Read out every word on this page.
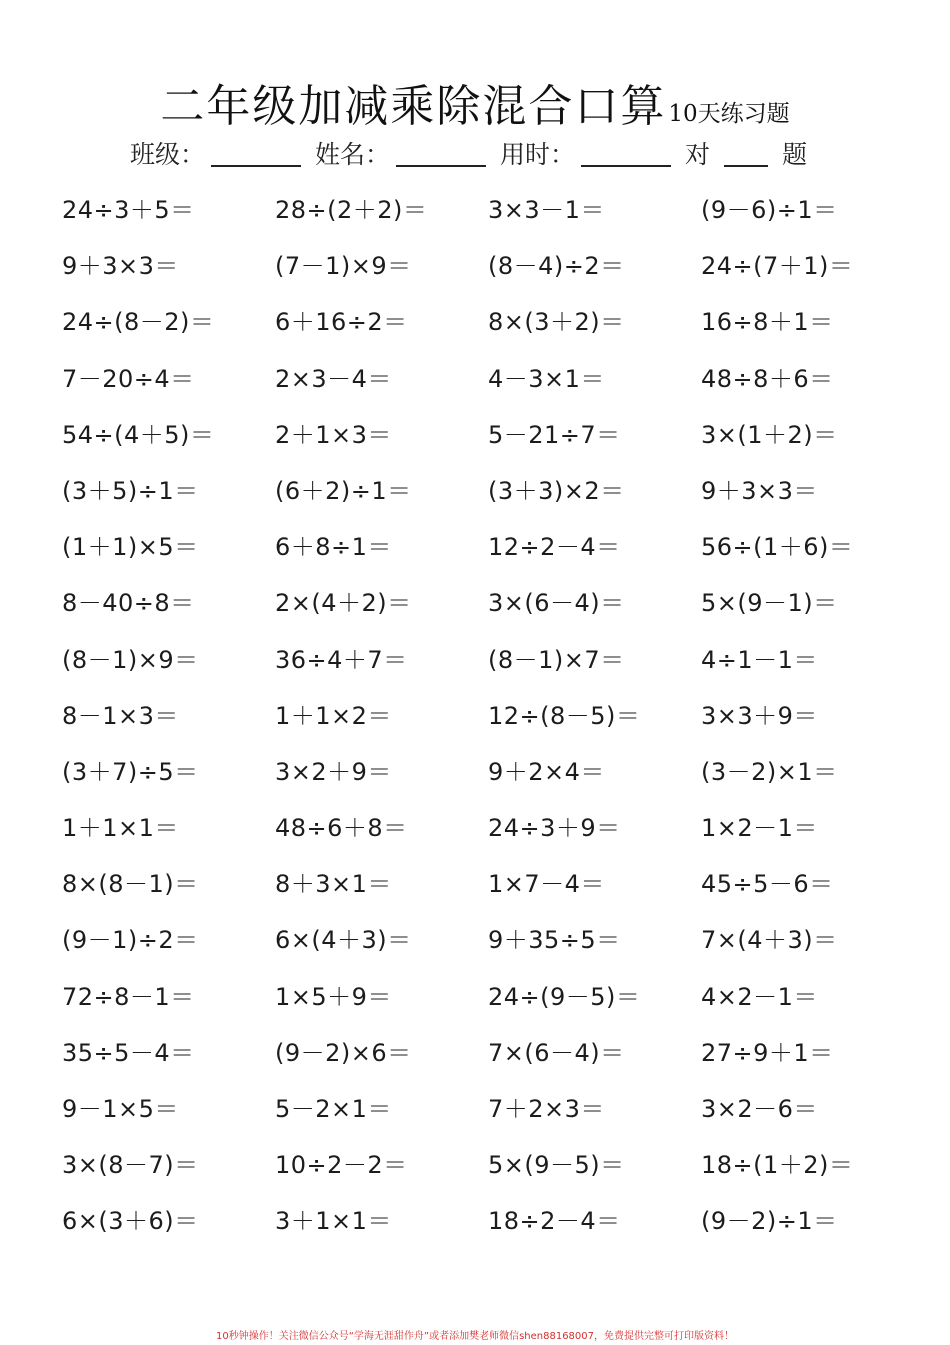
二年级加减乘除混合口算10天练习题
班级：	姓名：	用时：	对	题
24÷3＋5＝	28÷(2＋2)＝	3×3－1＝	(9－6)÷1＝
9＋3×3＝	(7－1)×9＝	(8－4)÷2＝	24÷(7＋1)＝
24÷(8－2)＝	6＋16÷2＝	8×(3＋2)＝	16÷8＋1＝
7－20÷4＝	2×3－4＝	4－3×1＝	48÷8＋6＝
54÷(4＋5)＝	2＋1×3＝	5－21÷7＝	3×(1＋2)＝
(3＋5)÷1＝	(6＋2)÷1＝	(3＋3)×2＝	9＋3×3＝
(1＋1)×5＝	6＋8÷1＝	12÷2－4＝	56÷(1＋6)＝
8－40÷8＝	2×(4＋2)＝	3×(6－4)＝	5×(9－1)＝
(8－1)×9＝	36÷4＋7＝	(8－1)×7＝	4÷1－1＝
8－1×3＝	1＋1×2＝	12÷(8－5)＝	3×3＋9＝
(3＋7)÷5＝	3×2＋9＝	9＋2×4＝	(3－2)×1＝
1＋1×1＝	48÷6＋8＝	24÷3＋9＝	1×2－1＝
8×(8－1)＝	8＋3×1＝	1×7－4＝	45÷5－6＝
(9－1)÷2＝	6×(4＋3)＝	9＋35÷5＝	7×(4＋3)＝
72÷8－1＝	1×5＋9＝	24÷(9－5)＝	4×2－1＝
35÷5－4＝	(9－2)×6＝	7×(6－4)＝	27÷9＋1＝
9－1×5＝	5－2×1＝	7＋2×3＝	3×2－6＝
3×(8－7)＝	10÷2－2＝	5×(9－5)＝	18÷(1＋2)＝
6×(3＋6)＝	3＋1×1＝	18÷2－4＝	(9－2)÷1＝
10秒钟操作！关注微信公众号“学海无涯甜作舟”或者添加樊老师微信shen88168007，免费提供完整可打印版资料！
